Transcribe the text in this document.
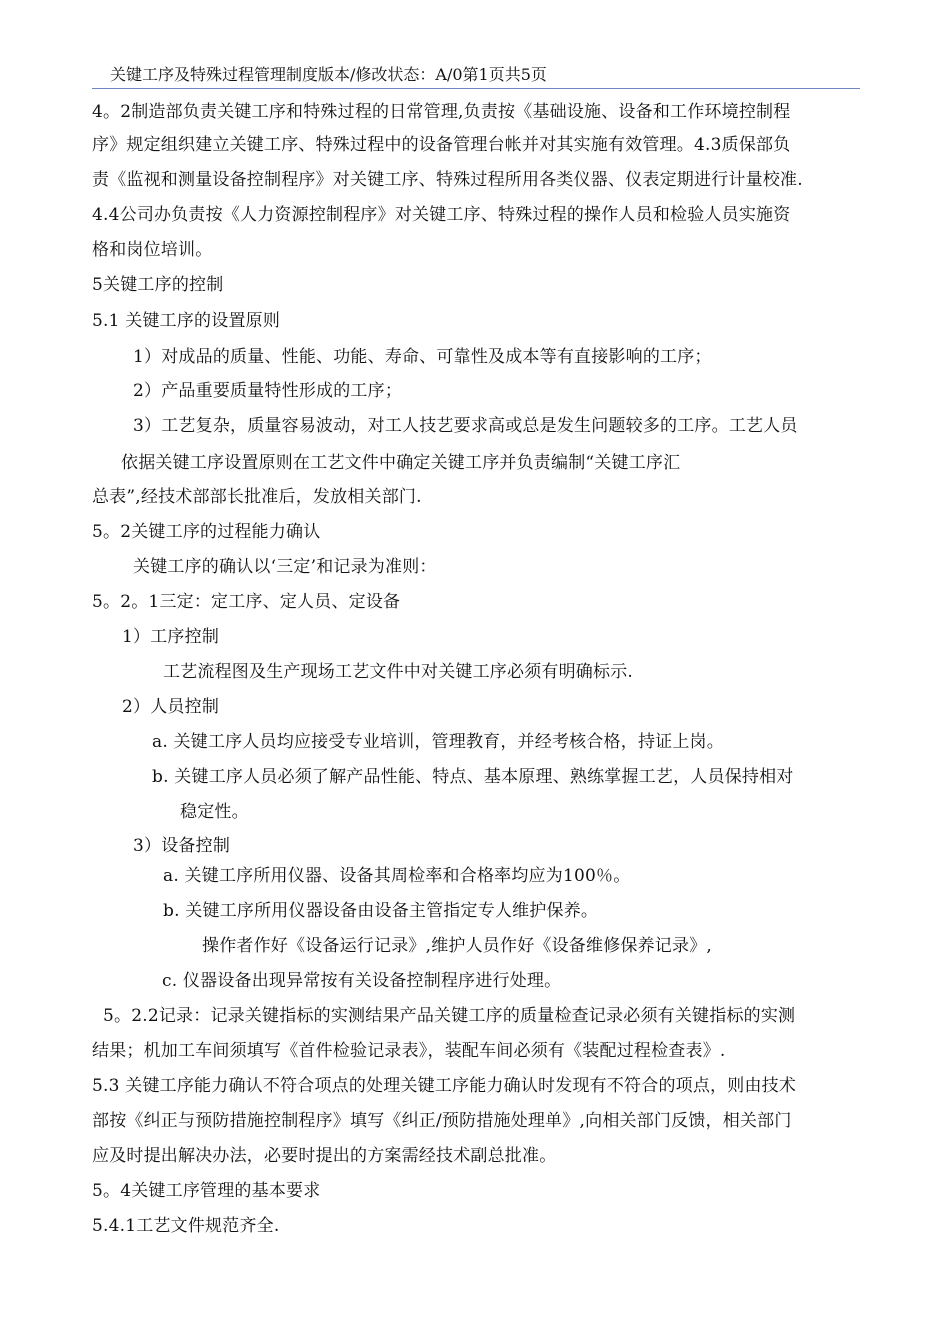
关键工序及特殊过程管理制度版本/修改状态：A/0第1页共5页
4。2制造部负责关键工序和特殊过程的日常管理,负责按《基础设施、设备和工作环境控制程
序》规定组织建立关键工序、特殊过程中的设备管理台帐并对其实施有效管理。4.3质保部负
责《监视和测量设备控制程序》对关键工序、特殊过程所用各类仪器、仪表定期进行计量校准.
4.4公司办负责按《人力资源控制程序》对关键工序、特殊过程的操作人员和检验人员实施资
格和岗位培训。
5关键工序的控制
5.1 关键工序的设置原则
1）对成品的质量、性能、功能、寿命、可靠性及成本等有直接影响的工序；
2）产品重要质量特性形成的工序；
3）工艺复杂，质量容易波动，对工人技艺要求高或总是发生问题较多的工序。工艺人员
依据关键工序设置原则在工艺文件中确定关键工序并负责编制“关键工序汇
总表”,经技术部部长批准后，发放相关部门.
5。2关键工序的过程能力确认
关键工序的确认以‘三定’和记录为准则：
5。2。1三定：定工序、定人员、定设备
1）工序控制
工艺流程图及生产现场工艺文件中对关键工序必须有明确标示.
2）人员控制
a. 关键工序人员均应接受专业培训，管理教育，并经考核合格，持证上岗。
b. 关键工序人员必须了解产品性能、特点、基本原理、熟练掌握工艺，人员保持相对
稳定性。
3）设备控制
a. 关键工序所用仪器、设备其周检率和合格率均应为100％。
b. 关键工序所用仪器设备由设备主管指定专人维护保养。
操作者作好《设备运行记录》,维护人员作好《设备维修保养记录》,
c. 仪器设备出现异常按有关设备控制程序进行处理。
5。2.2记录：记录关键指标的实测结果产品关键工序的质量检查记录必须有关键指标的实测
结果；机加工车间须填写《首件检验记录表》，装配车间必须有《装配过程检查表》.
5.3 关键工序能力确认不符合项点的处理关键工序能力确认时发现有不符合的项点，则由技术
部按《纠正与预防措施控制程序》填写《纠正/预防措施处理单》,向相关部门反馈，相关部门
应及时提出解决办法，必要时提出的方案需经技术副总批准。
5。4关键工序管理的基本要求
5.4.1工艺文件规范齐全.
